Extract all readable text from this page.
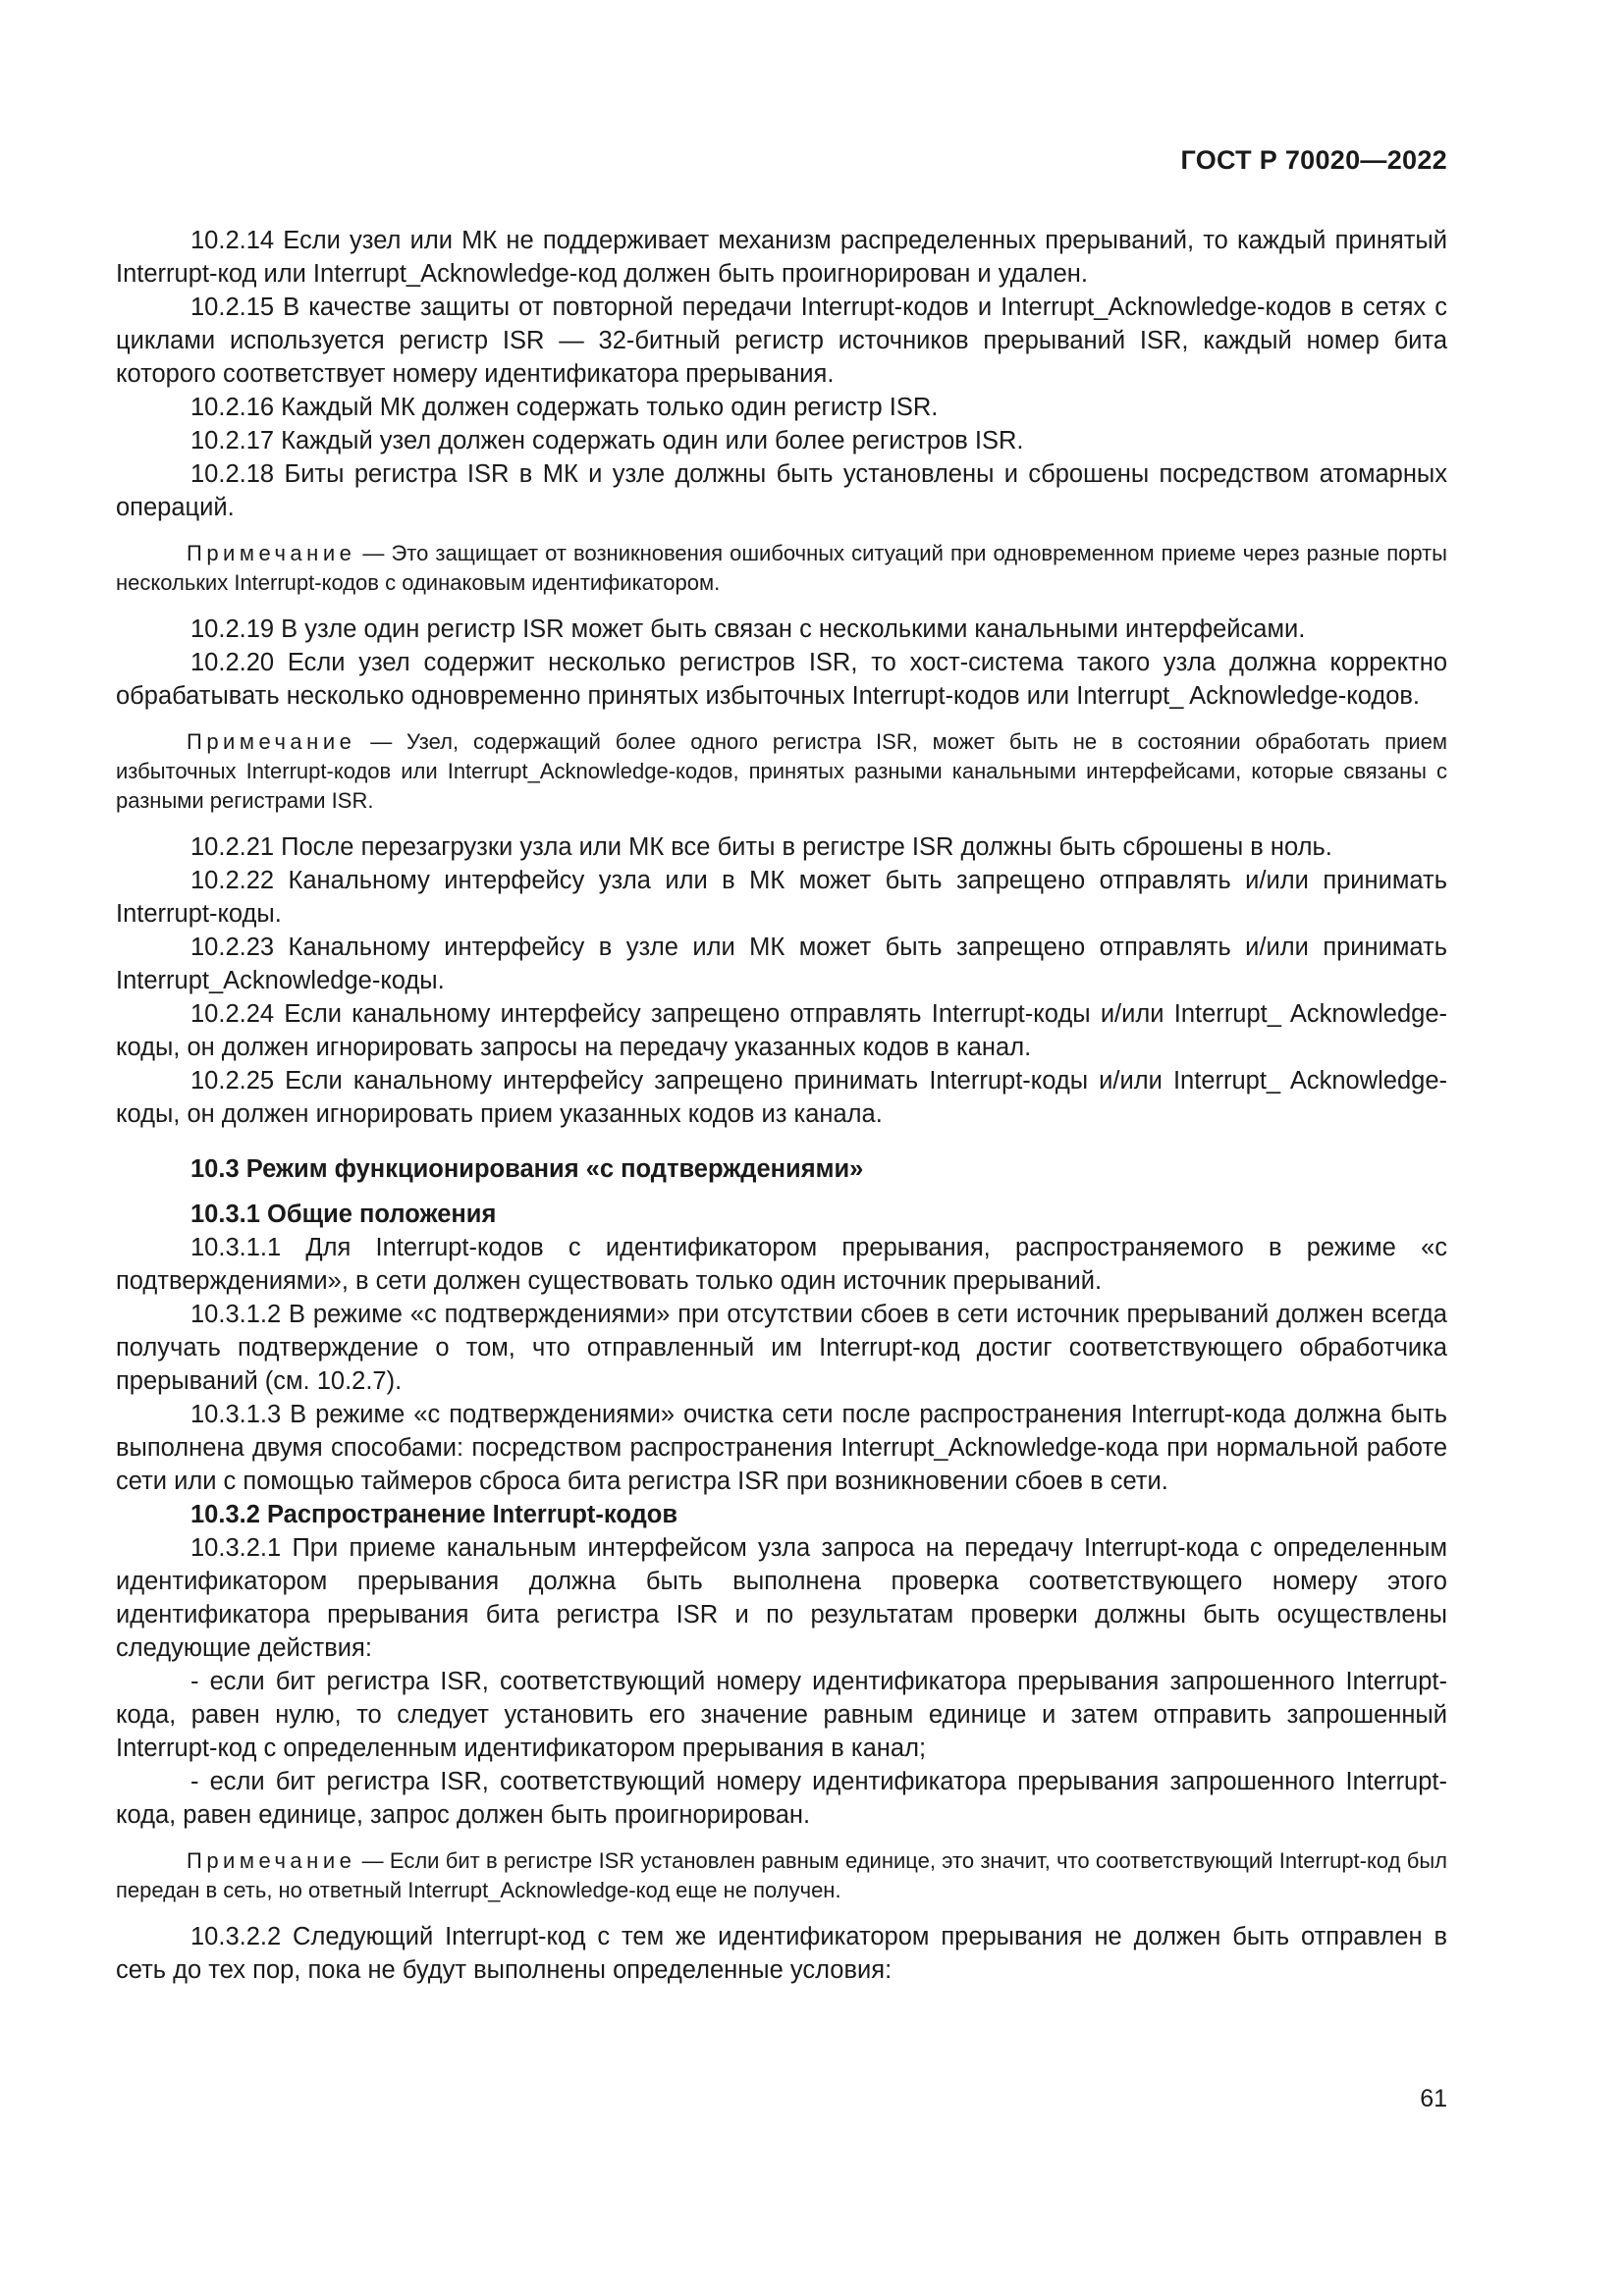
ГОСТ Р 70020—2022

10.2.14 Если узел или МК не поддерживает механизм распределенных прерываний, то каждый принятый Interrupt-код или Interrupt_Acknowledge-код должен быть проигнорирован и удален.

10.2.15 В качестве защиты от повторной передачи Interrupt-кодов и Interrupt_Acknowledge-кодов в сетях с циклами используется регистр ISR — 32-битный регистр источников прерываний ISR, каждый номер бита которого соответствует номеру идентификатора прерывания.

10.2.16 Каждый МК должен содержать только один регистр ISR.

10.2.17 Каждый узел должен содержать один или более регистров ISR.

10.2.18 Биты регистра ISR в МК и узле должны быть установлены и сброшены посредством атомарных операций.

Примечание — Это защищает от возникновения ошибочных ситуаций при одновременном приеме через разные порты нескольких Interrupt-кодов с одинаковым идентификатором.

10.2.19 В узле один регистр ISR может быть связан с несколькими канальными интерфейсами.

10.2.20 Если узел содержит несколько регистров ISR, то хост-система такого узла должна корректно обрабатывать несколько одновременно принятых избыточных Interrupt-кодов или Interrupt_ Acknowledge-кодов.

Примечание — Узел, содержащий более одного регистра ISR, может быть не в состоянии обработать прием избыточных Interrupt-кодов или Interrupt_Acknowledge-кодов, принятых разными канальными интерфейсами, которые связаны с разными регистрами ISR.

10.2.21 После перезагрузки узла или МК все биты в регистре ISR должны быть сброшены в ноль.

10.2.22 Канальному интерфейсу узла или в МК может быть запрещено отправлять и/или принимать Interrupt-коды.

10.2.23 Канальному интерфейсу в узле или МК может быть запрещено отправлять и/или принимать Interrupt_Acknowledge-коды.

10.2.24 Если канальному интерфейсу запрещено отправлять Interrupt-коды и/или Interrupt_ Acknowledge-коды, он должен игнорировать запросы на передачу указанных кодов в канал.

10.2.25 Если канальному интерфейсу запрещено принимать Interrupt-коды и/или Interrupt_ Acknowledge-коды, он должен игнорировать прием указанных кодов из канала.

10.3 Режим функционирования «с подтверждениями»
10.3.1 Общие положения

10.3.1.1 Для Interrupt-кодов с идентификатором прерывания, распространяемого в режиме «с подтверждениями», в сети должен существовать только один источник прерываний.

10.3.1.2 В режиме «с подтверждениями» при отсутствии сбоев в сети источник прерываний должен всегда получать подтверждение о том, что отправленный им Interrupt-код достиг соответствующего обработчика прерываний (см. 10.2.7).

10.3.1.3 В режиме «с подтверждениями» очистка сети после распространения Interrupt-кода должна быть выполнена двумя способами: посредством распространения Interrupt_Acknowledge-кода при нормальной работе сети или с помощью таймеров сброса бита регистра ISR при возникновении сбоев в сети.

10.3.2 Распространение Interrupt-кодов

10.3.2.1 При приеме канальным интерфейсом узла запроса на передачу Interrupt-кода с определенным идентификатором прерывания должна быть выполнена проверка соответствующего номеру этого идентификатора прерывания бита регистра ISR и по результатам проверки должны быть осуществлены следующие действия:

- если бит регистра ISR, соответствующий номеру идентификатора прерывания запрошенного Interrupt-кода, равен нулю, то следует установить его значение равным единице и затем отправить запрошенный Interrupt-код с определенным идентификатором прерывания в канал;

- если бит регистра ISR, соответствующий номеру идентификатора прерывания запрошенного Interrupt-кода, равен единице, запрос должен быть проигнорирован.

Примечание — Если бит в регистре ISR установлен равным единице, это значит, что соответствующий Interrupt-код был передан в сеть, но ответный Interrupt_Acknowledge-код еще не получен.

10.3.2.2 Следующий Interrupt-код с тем же идентификатором прерывания не должен быть отправлен в сеть до тех пор, пока не будут выполнены определенные условия:

61
